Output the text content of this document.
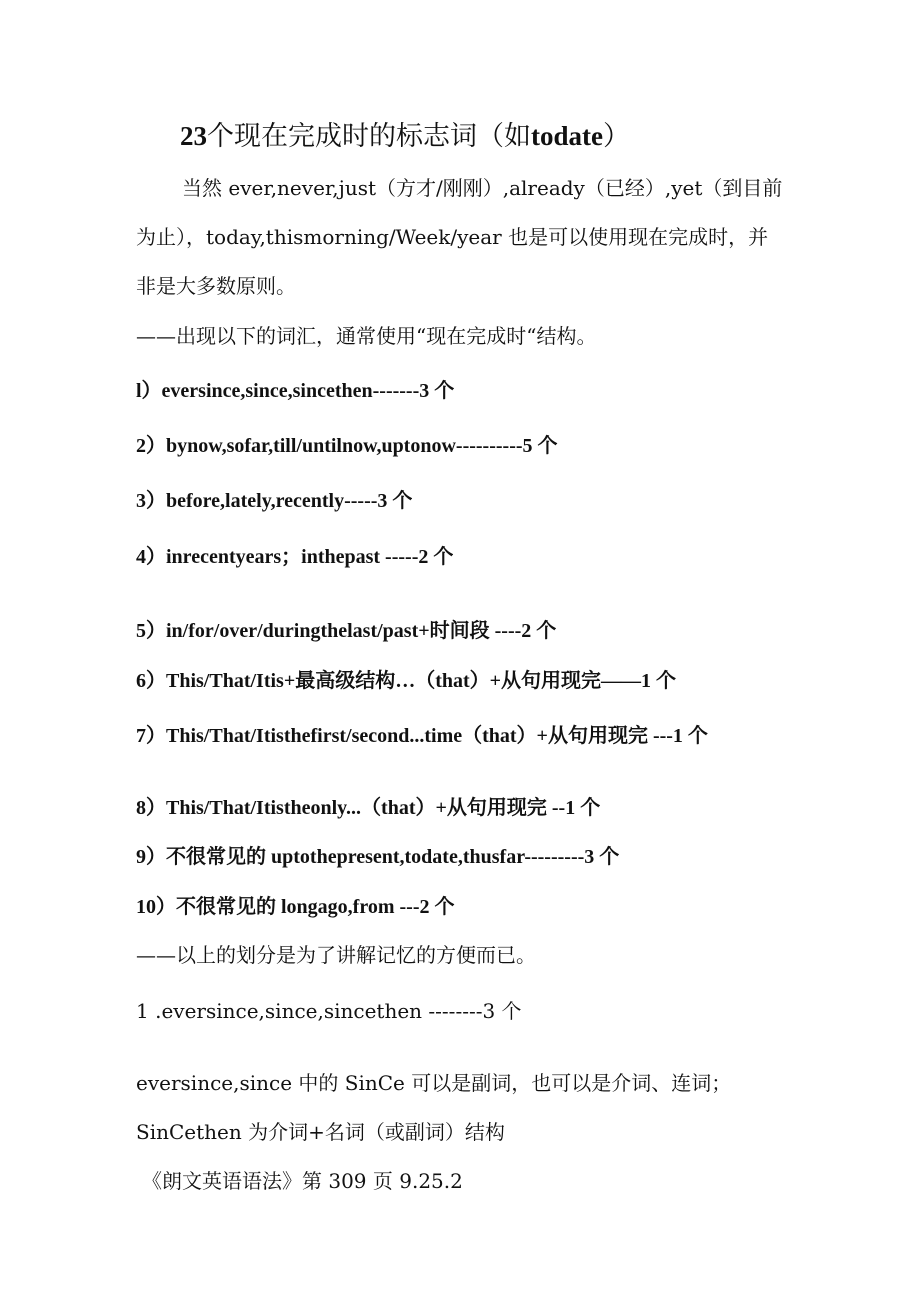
23个现在完成时的标志词（如todate）
当然 ever,never,just（方才/刚刚）,already（已经）,yet（到目前
为止），today,thismorning/Week/year 也是可以使用现在完成时，并
非是大多数原则。
——出现以下的词汇，通常使用“现在完成时“结构。
l）eversince,since,sincethen-------3 个
2）bynow,sofar,till/untilnow,uptonow----------5 个
3）before,lately,recently-----3 个
4）inrecentyears；inthepast -----2 个
5）in/for/over/duringthelast/past+时间段 ----2 个
6）This/That/Itis+最高级结构…（that）+从句用现完——1 个
7）This/That/Itisthefirst/second...time（that）+从句用现完 ---1 个
8）This/That/Itistheonly...（that）+从句用现完 --1 个
9）不很常见的 uptothepresent,todate,thusfar---------3 个
10）不很常见的 longago,from ---2 个
——以上的划分是为了讲解记忆的方便而已。
1 .eversince,since,sincethen --------3 个
eversince,since 中的 SinCe 可以是副词，也可以是介词、连词；
SinCethen 为介词+名词（或副词）结构
《朗文英语语法》第 309 页 9.25.2
